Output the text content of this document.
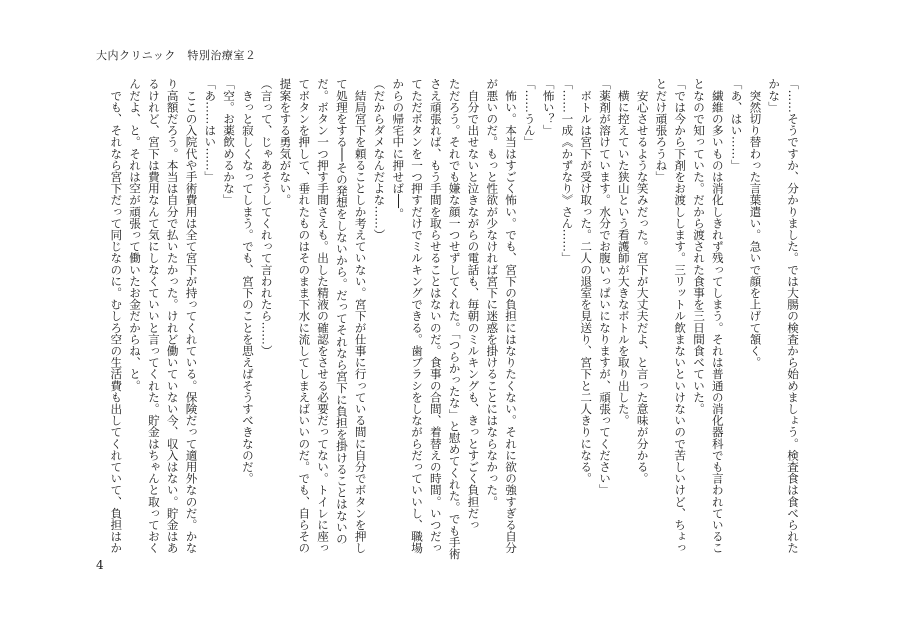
大内クリニック　特別治療室２

「……そうですか、分かりました。では大腸の検査から始めましょう。検査食は食べられた

かな」

　突然切り替わった言葉遣い。急いで顔を上げて頷く。

「あ、はい……」

　繊維の多いものは消化しきれず残ってしまう。それは普通の消化器科でも言われているこ

となので知っていた。だから渡された食事を三日間食べていた。

「では今から下剤をお渡しします。三リットル飲まないといけないので苦しいけど、ちょっ

とだけ頑張ろうね」

　安心させるような笑みだった。宮下が大丈夫だよ、と言った意味が分かる。

　横に控えていた狭山という看護師が大きなボトルを取り出した。

「薬剤が溶けています。水分でお腹いっぱいになりますが、頑張ってください」

　ボトルは宮下が受け取った。二人の退室を見送り、宮下と二人きりになる。

「……一成《かずなり》さん……」

「怖い？」

「……うん」

　怖い。本当はすごく怖い。でも、宮下の負担にはなりたくない。それに欲の強すぎる自分

が悪いのだ。もっと性欲が少なければ宮下に迷惑を掛けることにはならなかった。

　自分で出せないと泣きながらの電話も、毎朝のミルキングも、きっとすごく負担だっ

ただろう。それでも嫌な顔一つせずしてくれた。「つらかったな」と慰めてくれた。でも手術

さえ頑張れば、もう手間を取らせることはないのだ。食事の合間、着替えの時間。いつだっ

てただボタンを一つ押すだけでミルキングできる。歯ブラシをしながらだっていいし、職場

からの帰宅中に押せば──。

（だからダメなんだよな……）

　結局宮下を頼ることしか考えていない。宮下が仕事に行っている間に自分でボタンを押し

て処理をする──その発想をしないから。だってそれなら宮下に負担を掛けることはないの

だ。ボタン一つ押す手間さえも。出した精液の確認をさせる必要だってない。トイレに座っ

てボタンを押して、垂れたものはそのまま下水に流してしまえばいいのだ。でも、自らその

提案をする勇気がない。

（言って、じゃあそうしてくれって言われたら……）

　きっと寂しくなってしまう。でも、宮下のことを思えばそうすべきなのだ。

「空。お薬飲めるかな」

「あ……はい……」

　ここの入院代や手術費用は全て宮下が持ってくれている。保険だって適用外なのだ。かな

り高額だろう。本当は自分で払いたかった。けれど働いていない今、収入はない。貯金はあ

るけれど、宮下は費用なんて気にしなくていいと言ってくれた。貯金はちゃんと取っておく

んだよ、と。それは空が頑張って働いたお金だからね、と。

　でも、それなら宮下だって同じなのに。むしろ空の生活費も出してくれていて、負担はか

4
